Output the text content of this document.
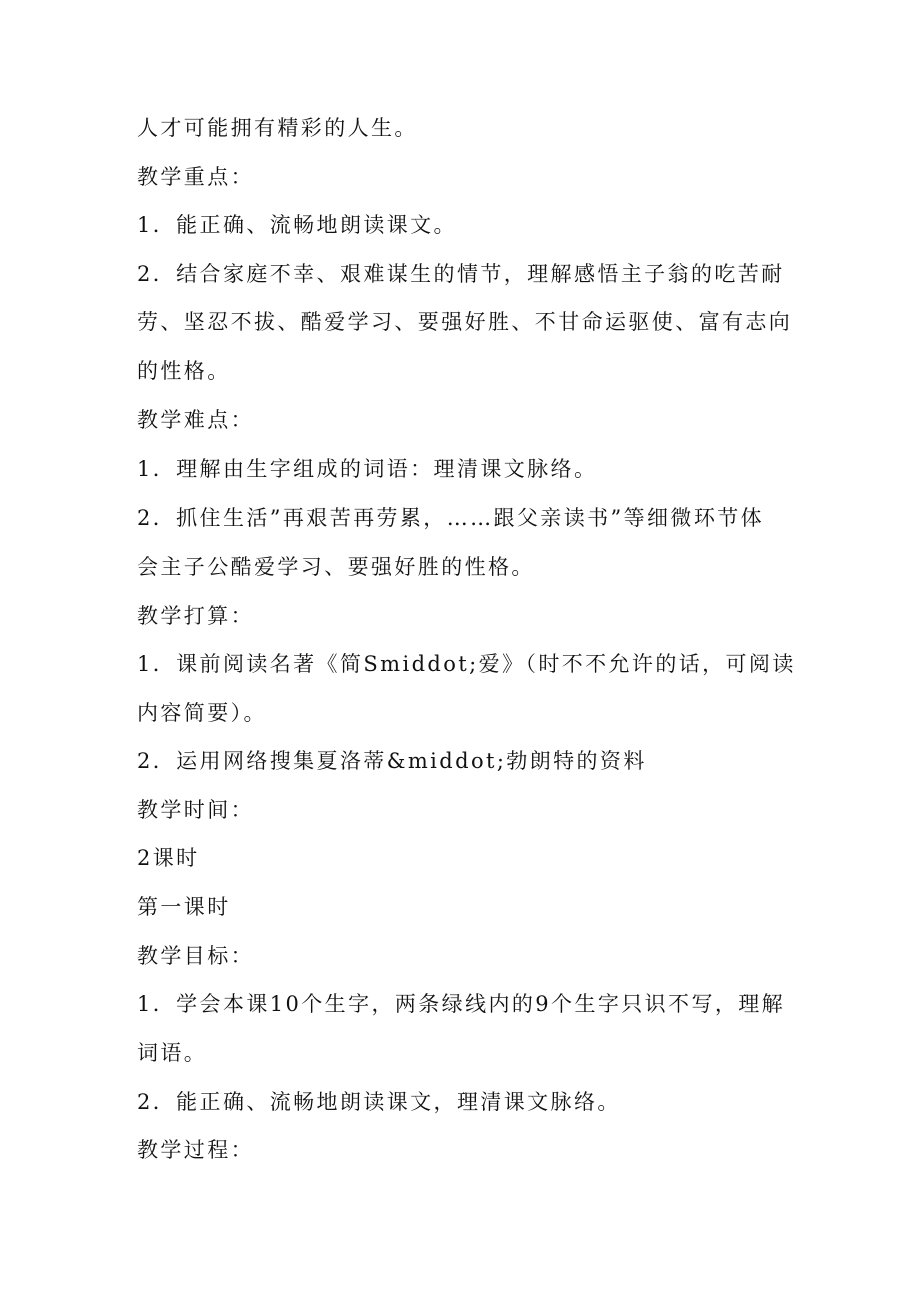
人才可能拥有精彩的人生。
教学重点：
1．能正确、流畅地朗读课文。
2．结合家庭不幸、艰难谋生的情节，理解感悟主子翁的吃苦耐
劳、坚忍不拔、酷爱学习、要强好胜、不甘命运驱使、富有志向
的性格。
教学难点：
1．理解由生字组成的词语：理清课文脉络。
2．抓住生活”再艰苦再劳累，……跟父亲读书”等细微环节体
会主子公酷爱学习、要强好胜的性格。
教学打算：
1．课前阅读名著《简Smiddot;爱》（时不不允许的话，可阅读
内容简要）。
2．运用网络搜集夏洛蒂&middot;勃朗特的资料
教学时间：
2课时
第一课时
教学目标：
1．学会本课10个生字，两条绿线内的9个生字只识不写，理解
词语。
2．能正确、流畅地朗读课文，理清课文脉络。
教学过程：
